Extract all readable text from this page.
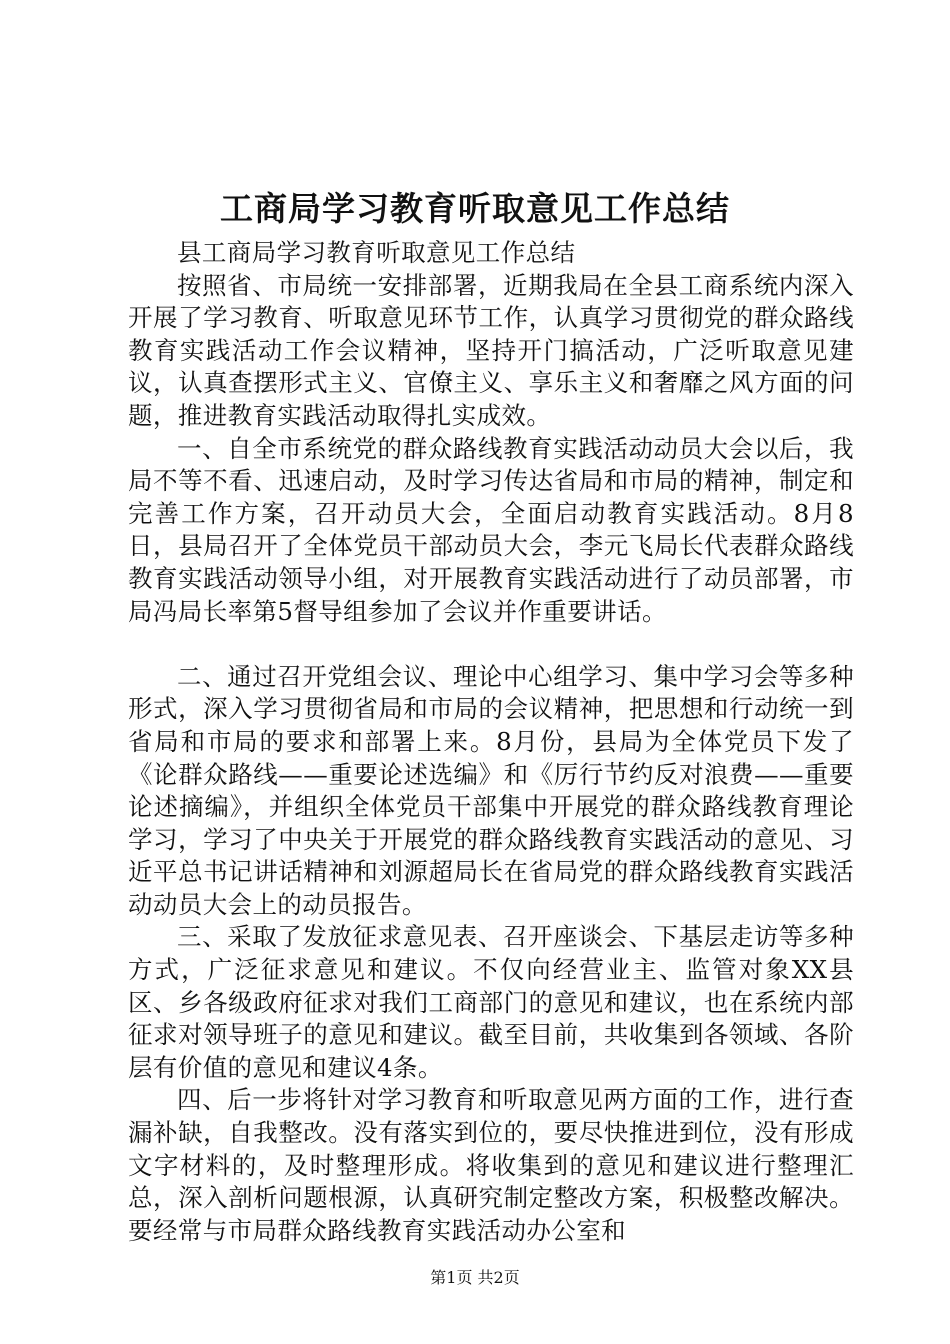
工商局学习教育听取意见工作总结

县工商局学习教育听取意见工作总结

按照省、市局统一安排部署，近期我局在全县工商系统内深入开展了学习教育、听取意见环节工作，认真学习贯彻党的群众路线教育实践活动工作会议精神，坚持开门搞活动，广泛听取意见建议，认真查摆形式主义、官僚主义、享乐主义和奢靡之风方面的问题，推进教育实践活动取得扎实成效。

一、自全市系统党的群众路线教育实践活动动员大会以后，我局不等不看、迅速启动，及时学习传达省局和市局的精神，制定和完善工作方案，召开动员大会，全面启动教育实践活动。8月8日，县局召开了全体党员干部动员大会，李元飞局长代表群众路线教育实践活动领导小组，对开展教育实践活动进行了动员部署，市局冯局长率第5督导组参加了会议并作重要讲话。

二、通过召开党组会议、理论中心组学习、集中学习会等多种形式，深入学习贯彻省局和市局的会议精神，把思想和行动统一到省局和市局的要求和部署上来。8月份，县局为全体党员下发了《论群众路线——重要论述选编》和《厉行节约反对浪费——重要论述摘编》，并组织全体党员干部集中开展党的群众路线教育理论学习，学习了中央关于开展党的群众路线教育实践活动的意见、习近平总书记讲话精神和刘源超局长在省局党的群众路线教育实践活动动员大会上的动员报告。

三、采取了发放征求意见表、召开座谈会、下基层走访等多种方式，广泛征求意见和建议。不仅向经营业主、监管对象XX县区、乡各级政府征求对我们工商部门的意见和建议，也在系统内部征求对领导班子的意见和建议。截至目前，共收集到各领域、各阶层有价值的意见和建议4条。

四、后一步将针对学习教育和听取意见两方面的工作，进行查漏补缺，自我整改。没有落实到位的，要尽快推进到位，没有形成文字材料的，及时整理形成。将收集到的意见和建议进行整理汇总，深入剖析问题根源，认真研究制定整改方案，积极整改解决。要经常与市局群众路线教育实践活动办公室和

第1页 共2页
